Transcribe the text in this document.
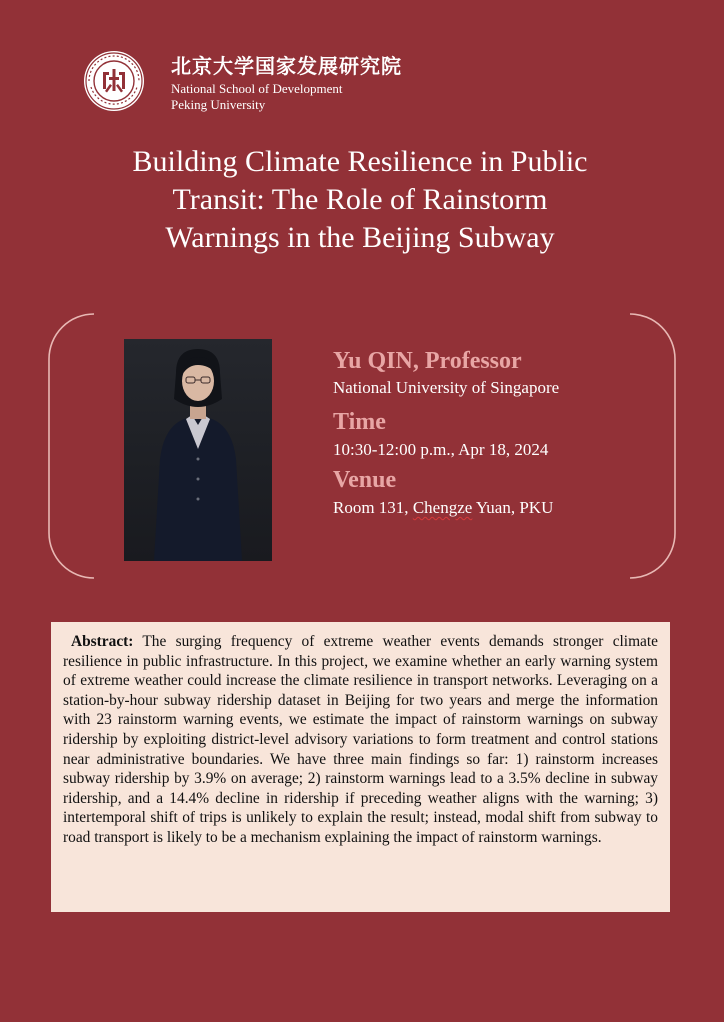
北京大学国家发展研究院
National School of Development
Peking University
Building Climate Resilience in Public
Transit: The Role of Rainstorm
Warnings in the Beijing Subway
Yu QIN, Professor
National University of Singapore
Time
10:30-12:00 p.m., Apr 18, 2024
Venue
Room 131, Chengze Yuan, PKU

Abstract: The surging frequency of extreme weather events demands stronger climate resilience in public infrastructure. In this project, we examine whether an early warning system of extreme weather could increase the climate resilience in transport networks. Leveraging on a station-by-hour subway ridership dataset in Beijing for two years and merge the information with 23 rainstorm warning events, we estimate the impact of rainstorm warnings on subway ridership by exploiting district-level advisory variations to form treatment and control stations near administrative boundaries. We have three main findings so far: 1) rainstorm increases subway ridership by 3.9% on average; 2) rainstorm warnings lead to a 3.5% decline in subway ridership, and a 14.4% decline in ridership if preceding weather aligns with the warning; 3) intertemporal shift of trips is unlikely to explain the result; instead, modal shift from subway to road transport is likely to be a mechanism explaining the impact of rainstorm warnings.
